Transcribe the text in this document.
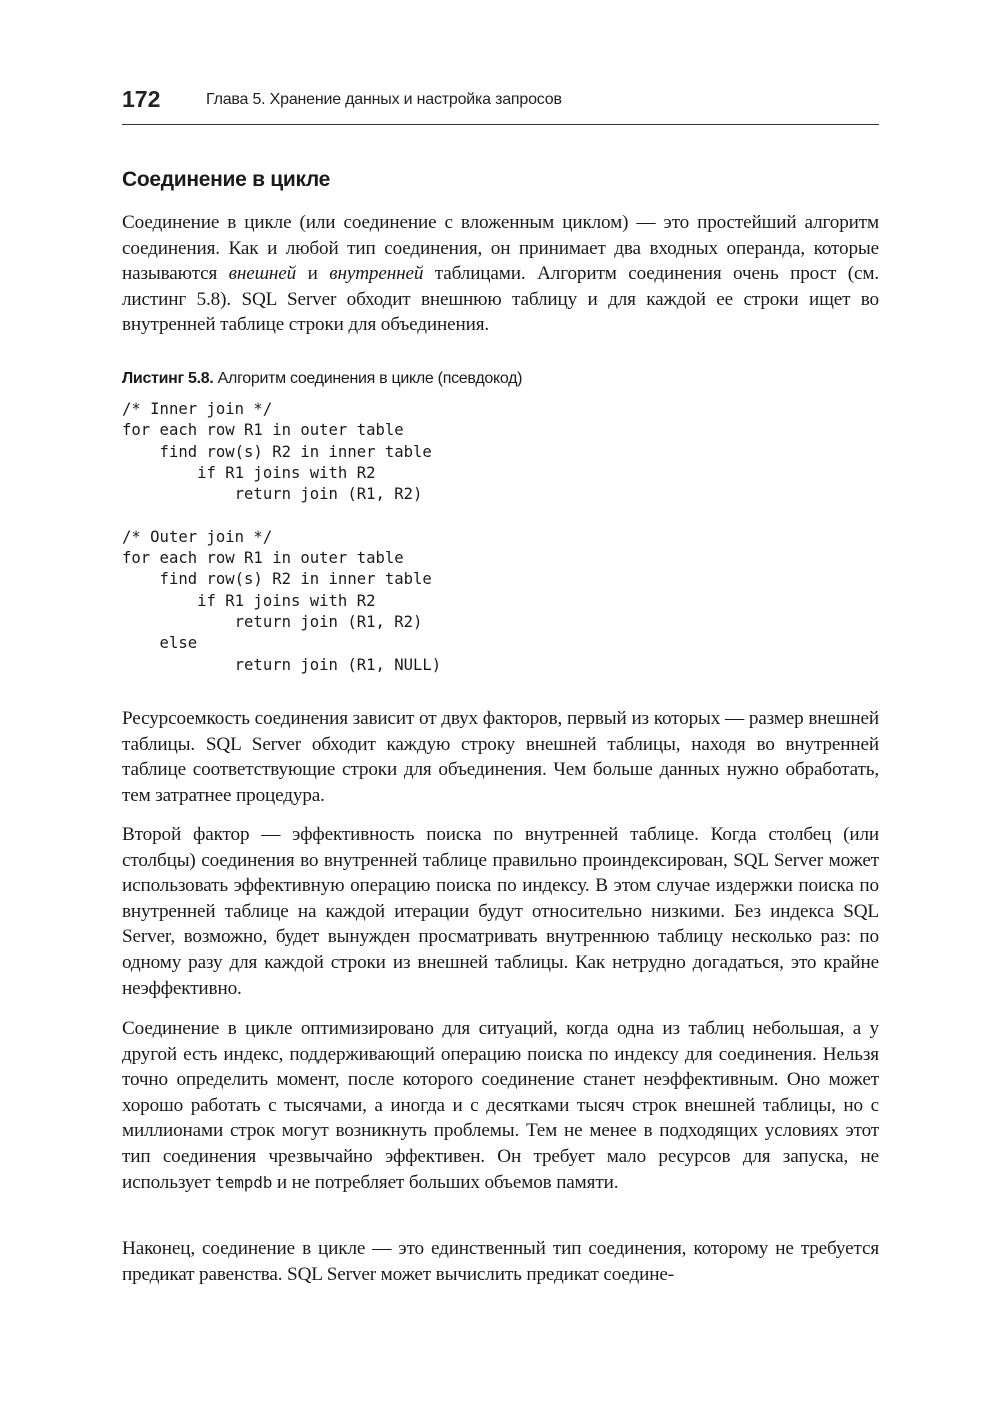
172	Глава 5. Хранение данных и настройка запросов
Соединение в цикле

Соединение в цикле (или соединение с вложенным циклом) — это простейший алгоритм соединения. Как и любой тип соединения, он принимает два входных операнда, которые называются внешней и внутренней таблицами. Алгоритм соединения очень прост (см. листинг 5.8). SQL Server обходит внешнюю таблицу и для каждой ее строки ищет во внутренней таблице строки для объединения.

Листинг 5.8. Алгоритм соединения в цикле (псевдокод)

/* Inner join */
for each row R1 in outer table
find row(s) R2 in inner table
if R1 joins with R2
return join (R1, R2)

/* Outer join */
for each row R1 in outer table
find row(s) R2 in inner table
if R1 joins with R2
return join (R1, R2)
else
return join (R1, NULL)

Ресурсоемкость соединения зависит от двух факторов, первый из которых — размер внешней таблицы. SQL Server обходит каждую строку внешней таблицы, находя во внутренней таблице соответствующие строки для объединения. Чем больше данных нужно обработать, тем затратнее процедура.

Второй фактор — эффективность поиска по внутренней таблице. Когда столбец (или столбцы) соединения во внутренней таблице правильно проиндексирован, SQL Server может использовать эффективную операцию поиска по индексу. В этом случае издержки поиска по внутренней таблице на каждой итерации будут относительно низкими. Без индекса SQL Server, возможно, будет вынужден просматривать внутреннюю таблицу несколько раз: по одному разу для каждой строки из внешней таблицы. Как нетрудно догадаться, это крайне неэффективно.

Соединение в цикле оптимизировано для ситуаций, когда одна из таблиц небольшая, а у другой есть индекс, поддерживающий операцию поиска по индексу для соединения. Нельзя точно определить момент, после которого соединение станет неэффективным. Оно может хорошо работать с тысячами, а иногда и с десятками тысяч строк внешней таблицы, но с миллионами строк могут возникнуть проблемы. Тем не менее в подходящих условиях этот тип соединения чрезвычайно эффективен. Он требует мало ресурсов для запуска, не использует tempdb и не потребляет больших объемов памяти.

Наконец, соединение в цикле — это единственный тип соединения, которому не требуется предикат равенства. SQL Server может вычислить предикат соедине-
